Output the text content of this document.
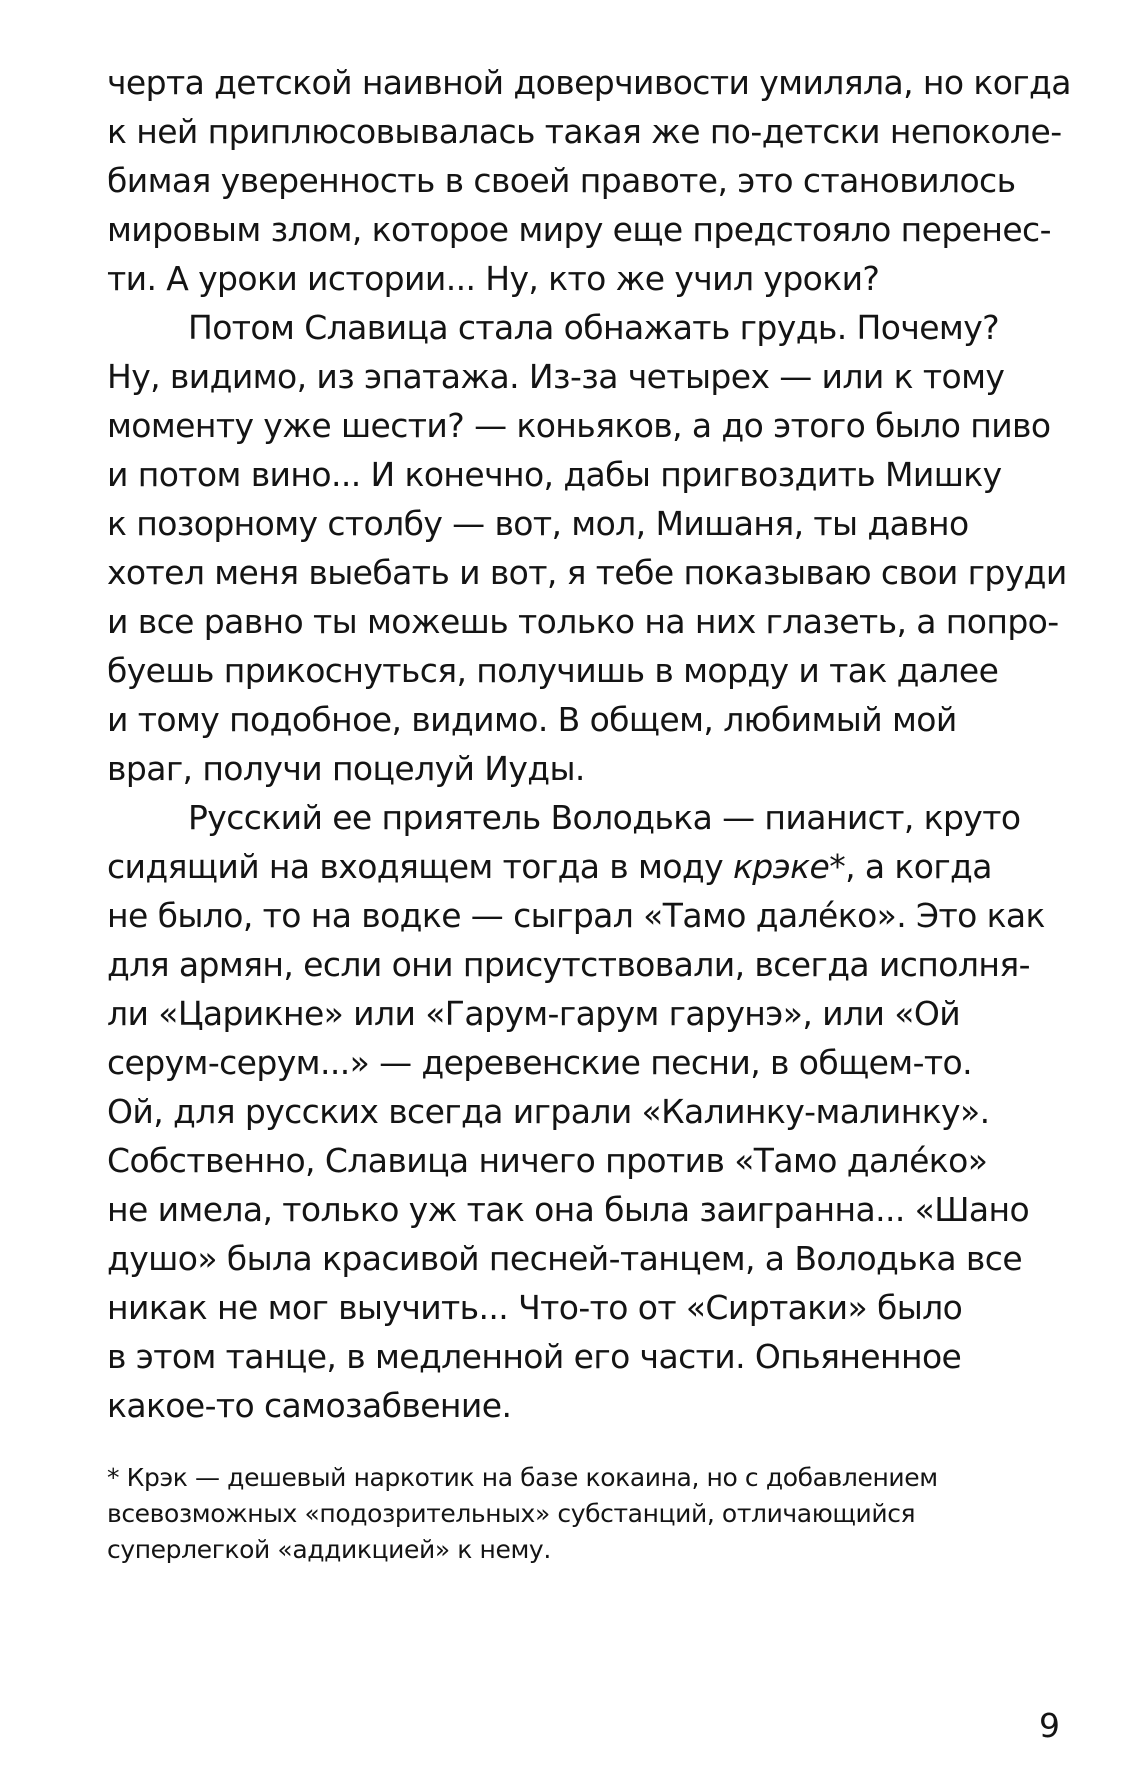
черта детской наивной доверчивости умиляла, но когда
к ней приплюсовывалась такая же по-детски непоколе-
бимая уверенность в своей правоте, это становилось
мировым злом, которое миру еще предстояло перенес-
ти. А уроки истории... Ну, кто же учил уроки?
Потом Славица стала обнажать грудь. Почему?
Ну, видимо, из эпатажа. Из-за четырех — или к тому
моменту уже шести? — коньяков, а до этого было пиво
и потом вино... И конечно, дабы пригвоздить Мишку
к позорному столбу — вот, мол, Мишаня, ты давно
хотел меня выебать и вот, я тебе показываю свои груди
и все равно ты можешь только на них глазеть, а попро-
буешь прикоснуться, получишь в морду и так далее
и тому подобное, видимо. В общем, любимый мой
враг, получи поцелуй Иуды.
Русский ее приятель Володька — пианист, круто
сидящий на входящем тогда в моду крэке*, а когда
не было, то на водке — сыграл «Тамо далéко». Это как
для армян, если они присутствовали, всегда исполня-
ли «Царикне» или «Гарум-гарум гарунэ», или «Ой
серум-серум...» — деревенские песни, в общем-то.
Ой, для русских всегда играли «Калинку-малинку».
Собственно, Славица ничего против «Тамо далéко»
не имела, только уж так она была заигранна... «Шано
душо» была красивой песней-танцем, а Володька все
никак не мог выучить... Что-то от «Сиртаки» было
в этом танце, в медленной его части. Опьяненное
какое-то самозабвение.
* Крэк — дешевый наркотик на базе кокаина, но с добавлением
всевозможных «подозрительных» субстанций, отличающийся
суперлегкой «аддикцией» к нему.
9
